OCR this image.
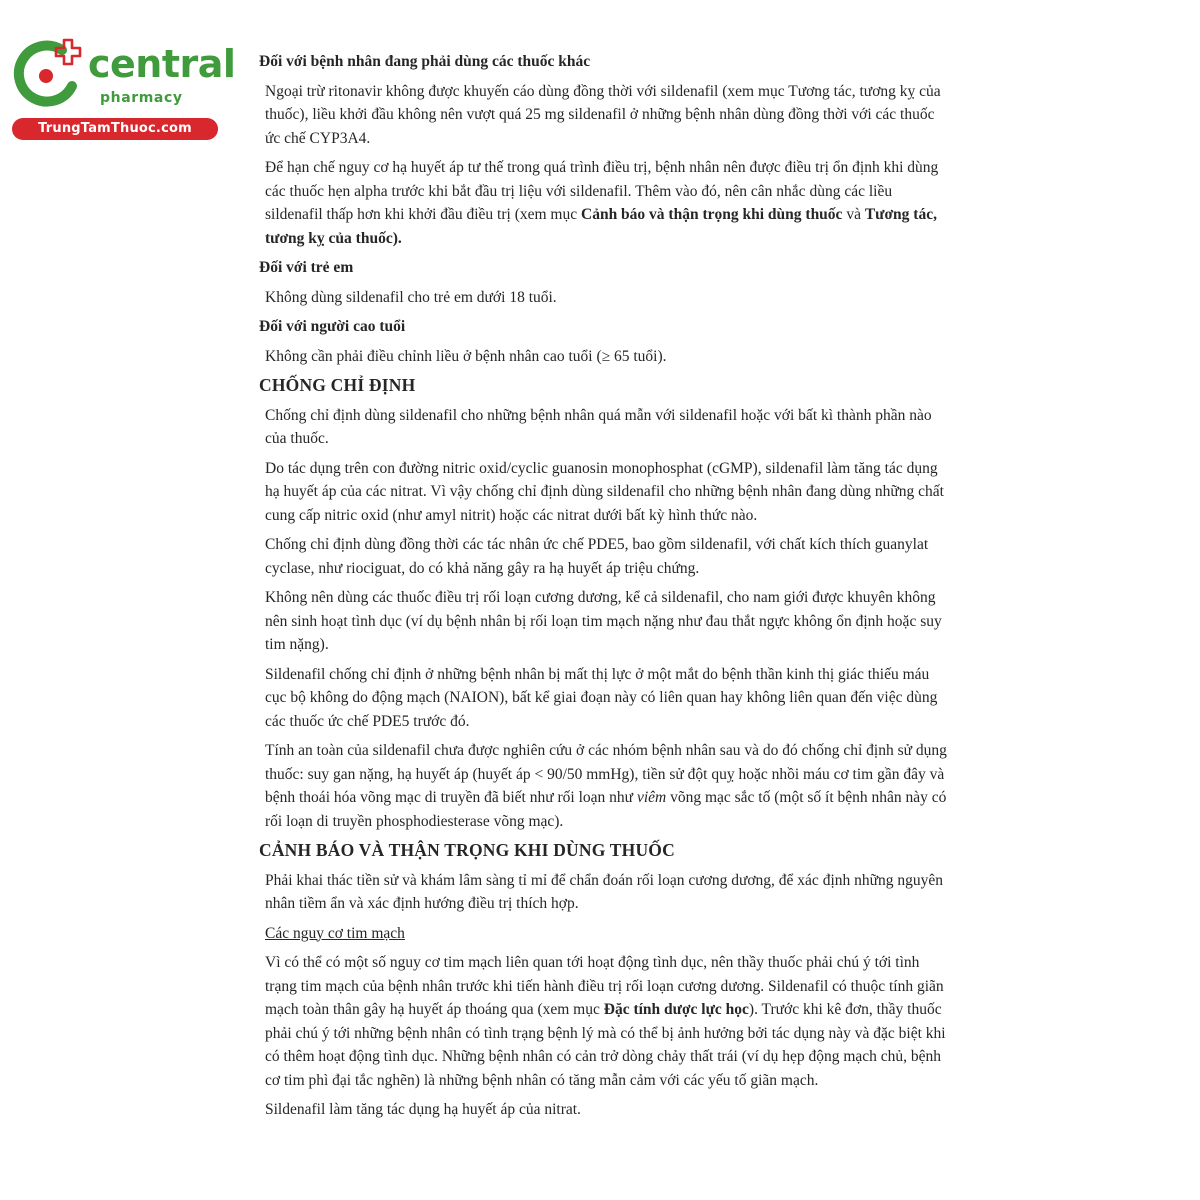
central
pharmacy
TrungTamThuoc.com
Đối với bệnh nhân đang phải dùng các thuốc khác

Ngoại trừ ritonavir không được khuyến cáo dùng đồng thời với sildenafil (xem mục Tương tác, tương kỵ của thuốc), liều khởi đầu không nên vượt quá 25 mg sildenafil ở những bệnh nhân dùng đồng thời với các thuốc ức chế CYP3A4.

Để hạn chế nguy cơ hạ huyết áp tư thế trong quá trình điều trị, bệnh nhân nên được điều trị ổn định khi dùng các thuốc hẹn alpha trước khi bắt đầu trị liệu với sildenafil. Thêm vào đó, nên cân nhắc dùng các liều sildenafil thấp hơn khi khởi đầu điều trị (xem mục Cảnh báo và thận trọng khi dùng thuốc và Tương tác, tương kỵ của thuốc).

Đối với trẻ em

Không dùng sildenafil cho trẻ em dưới 18 tuổi.

Đối với người cao tuổi

Không cần phải điều chỉnh liều ở bệnh nhân cao tuổi (≥ 65 tuổi).

CHỐNG CHỈ ĐỊNH

Chống chỉ định dùng sildenafil cho những bệnh nhân quá mẫn với sildenafil hoặc với bất kì thành phần nào của thuốc.

Do tác dụng trên con đường nitric oxid/cyclic guanosin monophosphat (cGMP), sildenafil làm tăng tác dụng hạ huyết áp của các nitrat. Vì vậy chống chỉ định dùng sildenafil cho những bệnh nhân đang dùng những chất cung cấp nitric oxid (như amyl nitrit) hoặc các nitrat dưới bất kỳ hình thức nào.

Chống chỉ định dùng đồng thời các tác nhân ức chế PDE5, bao gồm sildenafil, với chất kích thích guanylat cyclase, như riociguat, do có khả năng gây ra hạ huyết áp triệu chứng.

Không nên dùng các thuốc điều trị rối loạn cương dương, kể cả sildenafil, cho nam giới được khuyên không nên sinh hoạt tình dục (ví dụ bệnh nhân bị rối loạn tim mạch nặng như đau thắt ngực không ổn định hoặc suy tim nặng).

Sildenafil chống chỉ định ở những bệnh nhân bị mất thị lực ở một mắt do bệnh thần kinh thị giác thiếu máu cục bộ không do động mạch (NAION), bất kể giai đoạn này có liên quan hay không liên quan đến việc dùng các thuốc ức chế PDE5 trước đó.

Tính an toàn của sildenafil chưa được nghiên cứu ở các nhóm bệnh nhân sau và do đó chống chỉ định sử dụng thuốc: suy gan nặng, hạ huyết áp (huyết áp < 90/50 mmHg), tiền sử đột quỵ hoặc nhồi máu cơ tim gần đây và bệnh thoái hóa võng mạc di truyền đã biết như rối loạn như viêm võng mạc sắc tố (một số ít bệnh nhân này có rối loạn di truyền phosphodiesterase võng mạc).

CẢNH BÁO VÀ THẬN TRỌNG KHI DÙNG THUỐC

Phải khai thác tiền sử và khám lâm sàng tỉ mỉ để chẩn đoán rối loạn cương dương, để xác định những nguyên nhân tiềm ẩn và xác định hướng điều trị thích hợp.

Các nguy cơ tim mạch

Vì có thể có một số nguy cơ tim mạch liên quan tới hoạt động tình dục, nên thầy thuốc phải chú ý tới tình trạng tim mạch của bệnh nhân trước khi tiến hành điều trị rối loạn cương dương. Sildenafil có thuộc tính giãn mạch toàn thân gây hạ huyết áp thoáng qua (xem mục Đặc tính dược lực học). Trước khi kê đơn, thầy thuốc phải chú ý tới những bệnh nhân có tình trạng bệnh lý mà có thể bị ảnh hưởng bởi tác dụng này và đặc biệt khi có thêm hoạt động tình dục. Những bệnh nhân có cản trở dòng chảy thất trái (ví dụ hẹp động mạch chủ, bệnh cơ tim phì đại tắc nghẽn) là những bệnh nhân có tăng mẫn cảm với các yếu tố giãn mạch.

Sildenafil làm tăng tác dụng hạ huyết áp của nitrat.
